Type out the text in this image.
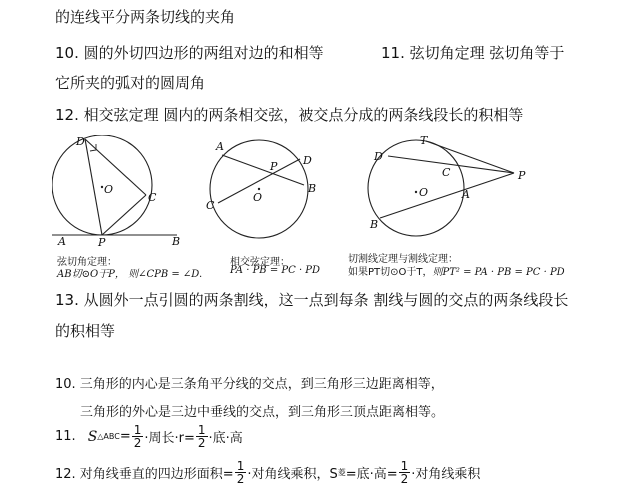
的连线平分两条切线的夹角
10. 圆的外切四边形的两组对边的和相等	11. 弦切角定理 弦切角等于
它所夹的弧对的圆周角
12. 相交弦定理 圆内的两条相交弦，被交点分成的两条线段长的积相等
D
O
C
A	P	B
A
P D
B
O
C
T
D
C	P
O	A
B
弦切角定理：
AB切⊙O于P， 则∠CPB = ∠D.
相交弦定理：
PA · PB = PC · PD
切割线定理与割线定理：
如果PT切⊙O于T，则PT² = PA · PB = PC · PD
13. 从圆外一点引圆的两条割线，这一点到每条 割线与圆的交点的两条线段长
的积相等
10. 三角形的内心是三条角平分线的交点，到三角形三边距离相等，
三角形的外心是三边中垂线的交点，到三角形三顶点距离相等。
11. S △ABC = $\frac{1}{2}$ ·周长$\cdot r= \frac{1}{2}$ ·底·高
12. 对角线垂直的四边形面积= $\frac{1}{2}$ ·对角线乘积，S 菱 =底·高= $\frac{1}{2}$ ·对角线乘积
